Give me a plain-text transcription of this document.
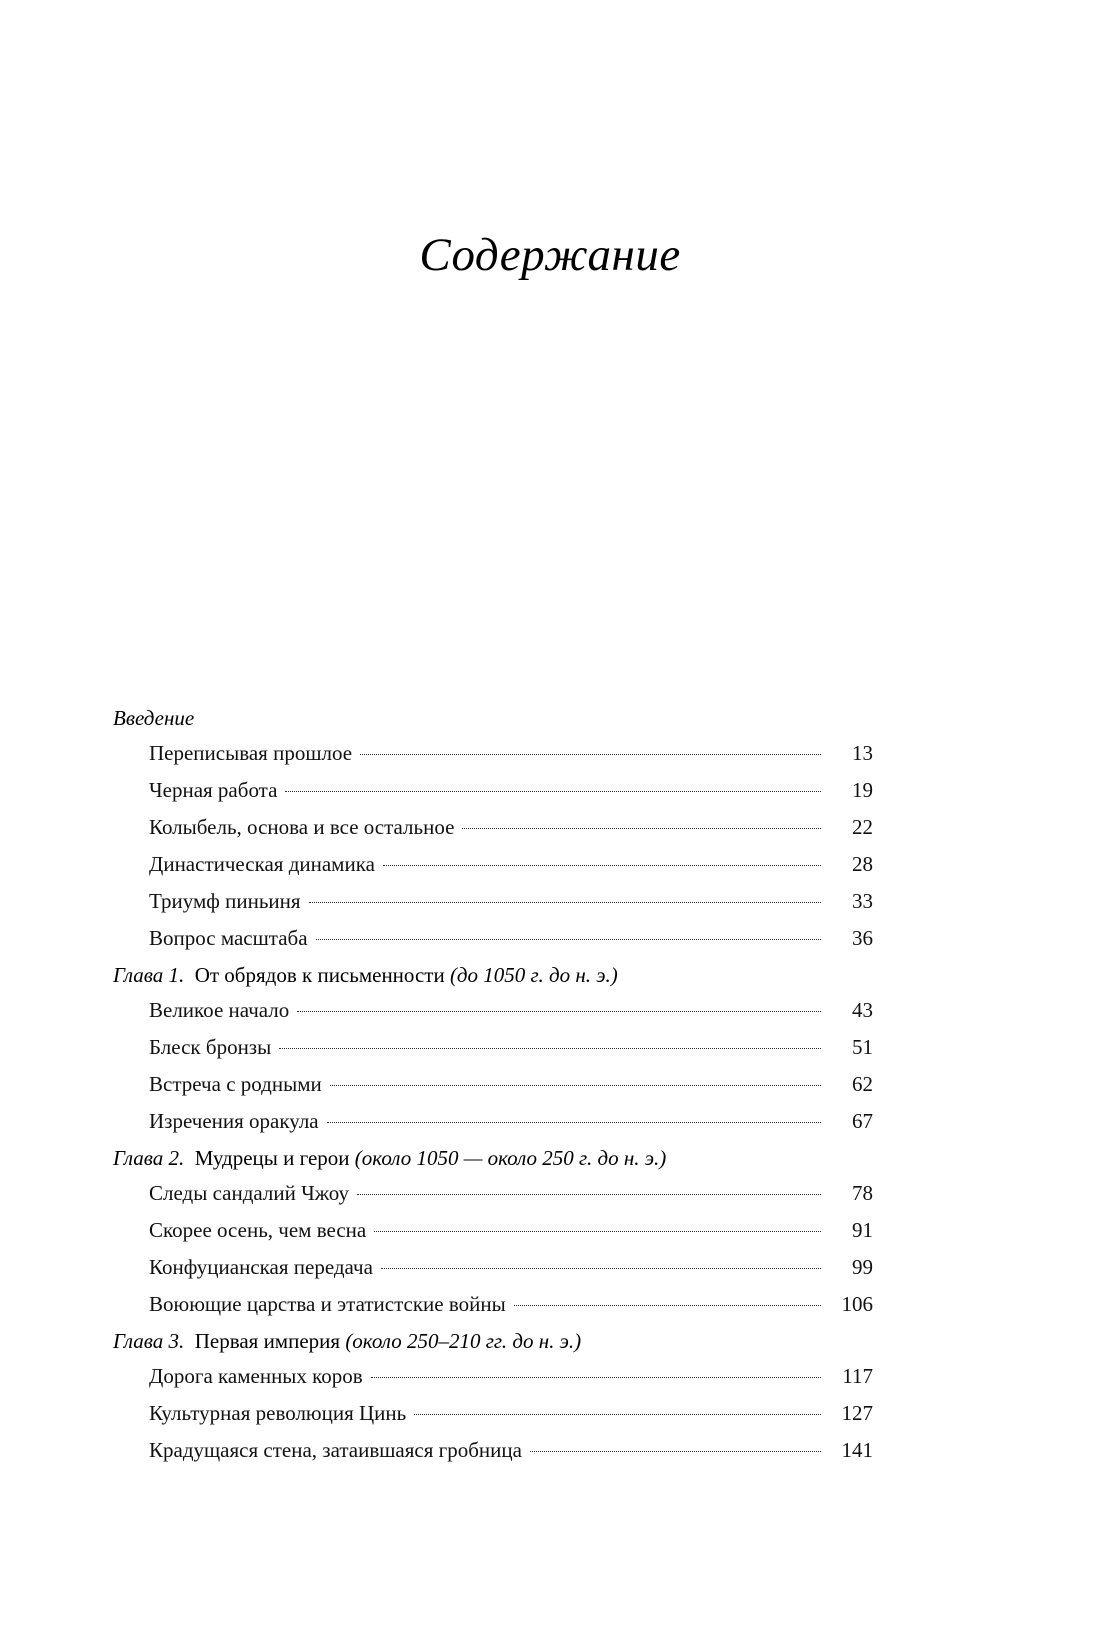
Содержание
Введение
Переписывая прошлое	13
Черная работа	19
Колыбель, основа и все остальное	22
Династическая динамика	28
Триумф пиньиня	33
Вопрос масштаба	36
Глава 1. От обрядов к письменности (до 1050 г. до н. э.)
Великое начало	43
Блеск бронзы	51
Встреча с родными	62
Изречения оракула	67
Глава 2. Мудрецы и герои (около 1050 — около 250 г. до н. э.)
Следы сандалий Чжоу	78
Скорее осень, чем весна	91
Конфуцианская передача	99
Воюющие царства и этатистские войны	106
Глава 3. Первая империя (около 250–210 гг. до н. э.)
Дорога каменных коров	117
Культурная революция Цинь	127
Крадущаяся стена, затаившаяся гробница	141
